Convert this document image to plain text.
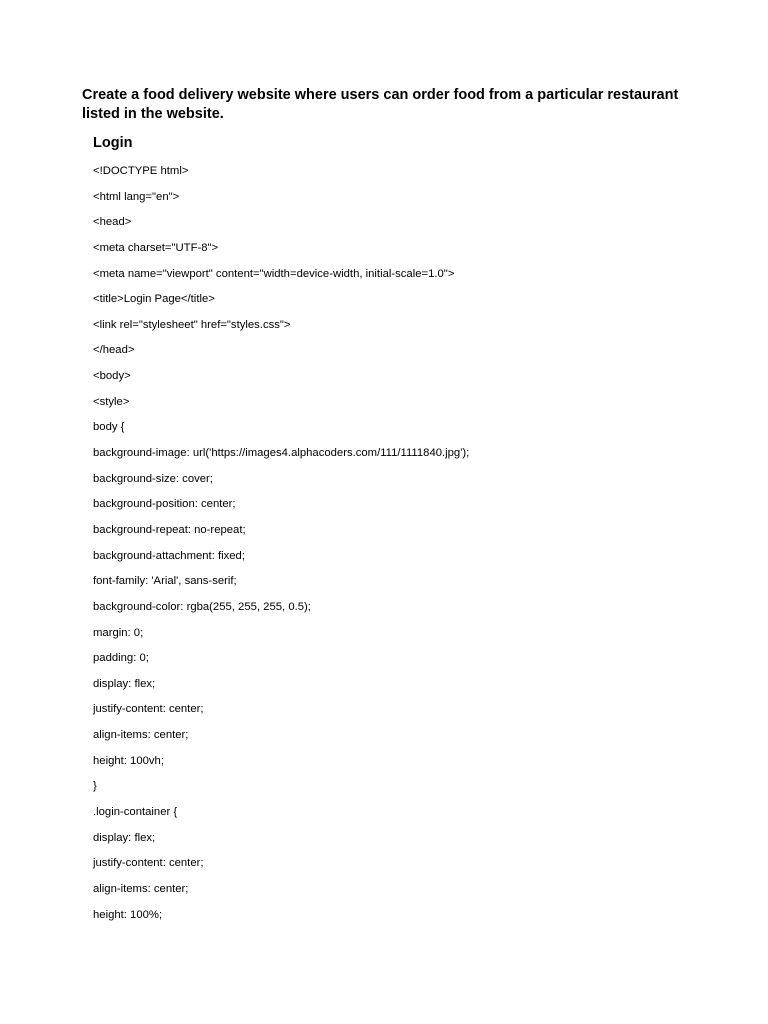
Create a food delivery website where users can order food from a particular restaurant listed in the website.
Login
<!DOCTYPE html>
<html lang="en">
<head>
<meta charset="UTF-8">
<meta name="viewport" content="width=device-width, initial-scale=1.0">
<title>Login Page</title>
<link rel="stylesheet" href="styles.css">
</head>
<body>
<style>
body {
background-image: url('https://images4.alphacoders.com/111/1111840.jpg');
background-size: cover;
background-position: center;
background-repeat: no-repeat;
background-attachment: fixed;
font-family: 'Arial', sans-serif;
background-color: rgba(255, 255, 255, 0.5);
margin: 0;
padding: 0;
display: flex;
justify-content: center;
align-items: center;
height: 100vh;
}
.login-container {
display: flex;
justify-content: center;
align-items: center;
height: 100%;
